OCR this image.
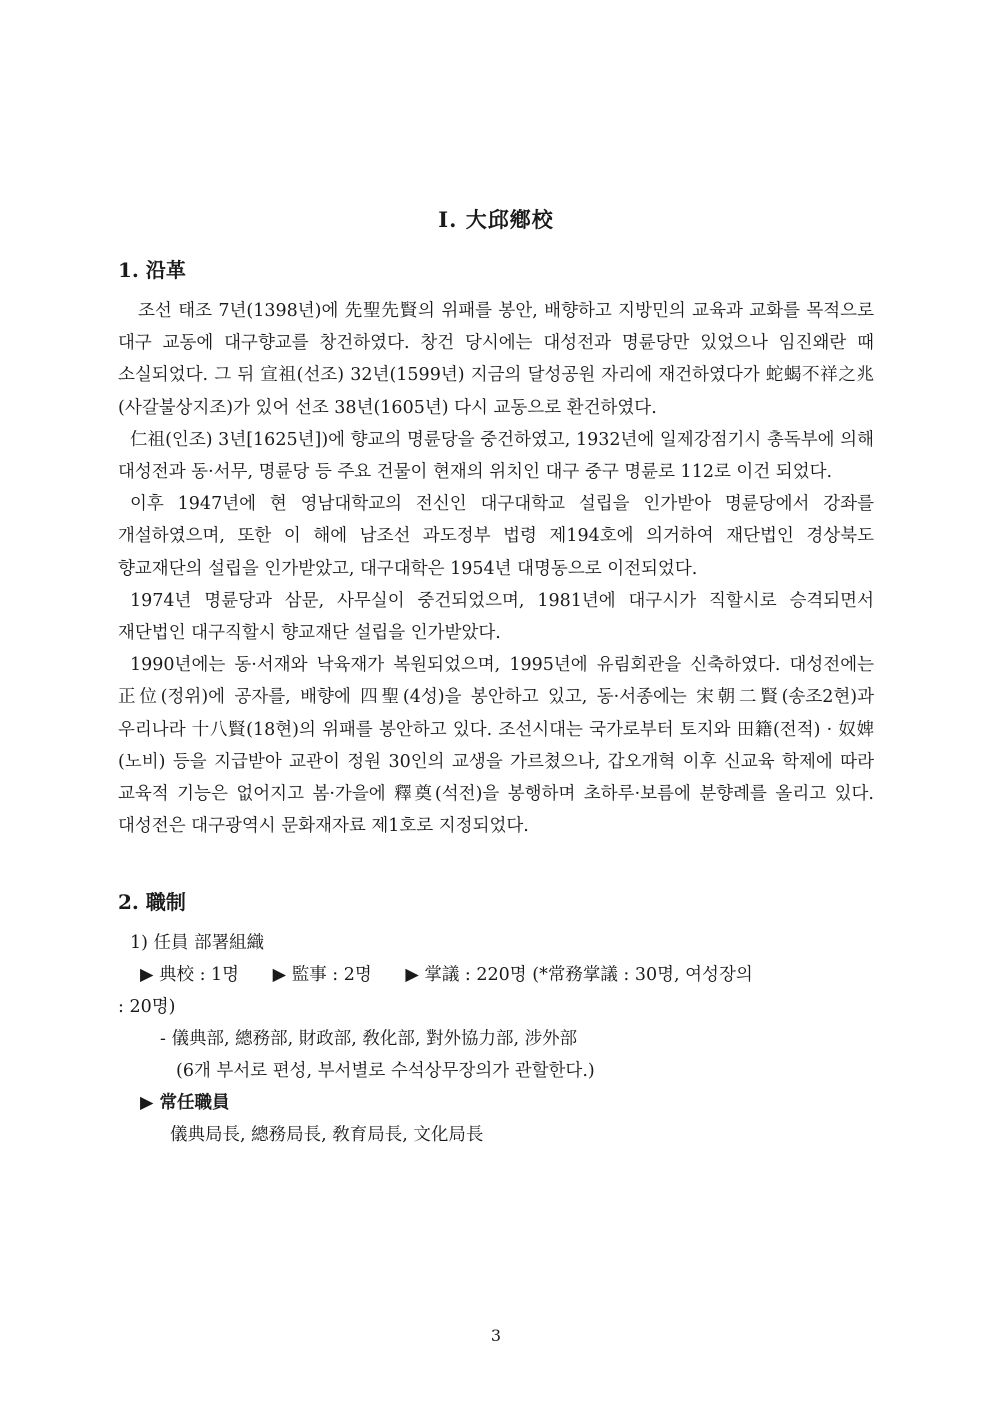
Ⅰ. 大邱鄕校
1. 沿革

조선 태조 7년(1398년)에 先聖先賢의 위패를 봉안, 배향하고 지방민의 교육과 교화를 목적으로 대구 교동에 대구향교를 창건하였다. 창건 당시에는 대성전과 명륜당만 있었으나 임진왜란 때 소실되었다. 그 뒤 宣祖(선조) 32년(1599년) 지금의 달성공원 자리에 재건하였다가 蛇蝎不祥之兆(사갈불상지조)가 있어 선조 38년(1605년) 다시 교동으로 환건하였다.

仁祖(인조) 3년[1625년])에 향교의 명륜당을 중건하였고, 1932년에 일제강점기시 총독부에 의해 대성전과 동·서무, 명륜당 등 주요 건물이 현재의 위치인 대구 중구 명륜로 112로 이건 되었다.

이후 1947년에 현 영남대학교의 전신인 대구대학교 설립을 인가받아 명륜당에서 강좌를 개설하였으며, 또한 이 해에 남조선 과도정부 법령 제194호에 의거하여 재단법인 경상북도 향교재단의 설립을 인가받았고, 대구대학은 1954년 대명동으로 이전되었다.

1974년 명륜당과 삼문, 사무실이 중건되었으며, 1981년에 대구시가 직할시로 승격되면서 재단법인 대구직할시 향교재단 설립을 인가받았다.

1990년에는 동·서재와 낙육재가 복원되었으며, 1995년에 유림회관을 신축하였다. 대성전에는 正位(정위)에 공자를, 배향에 四聖(4성)을 봉안하고 있고, 동·서종에는 宋朝二賢(송조2현)과 우리나라 十八賢(18현)의 위패를 봉안하고 있다. 조선시대는 국가로부터 토지와 田籍(전적) · 奴婢(노비) 등을 지급받아 교관이 정원 30인의 교생을 가르쳤으나, 갑오개혁 이후 신교육 학제에 따라 교육적 기능은 없어지고 봄·가을에 釋奠(석전)을 봉행하며 초하루·보름에 분향례를 올리고 있다. 대성전은 대구광역시 문화재자료 제1호로 지정되었다.

2. 職制

1) 任員 部署組織

▶ 典校 : 1명 ▶ 監事 : 2명 ▶ 掌議 : 220명 (*常務掌議 : 30명, 여성장의

: 20명)

- 儀典部, 總務部, 財政部, 敎化部, 對外協力部, 涉外部

(6개 부서로 편성, 부서별로 수석상무장의가 관할한다.)

▶ 常任職員

儀典局長, 總務局長, 敎育局長, 文化局長

3
